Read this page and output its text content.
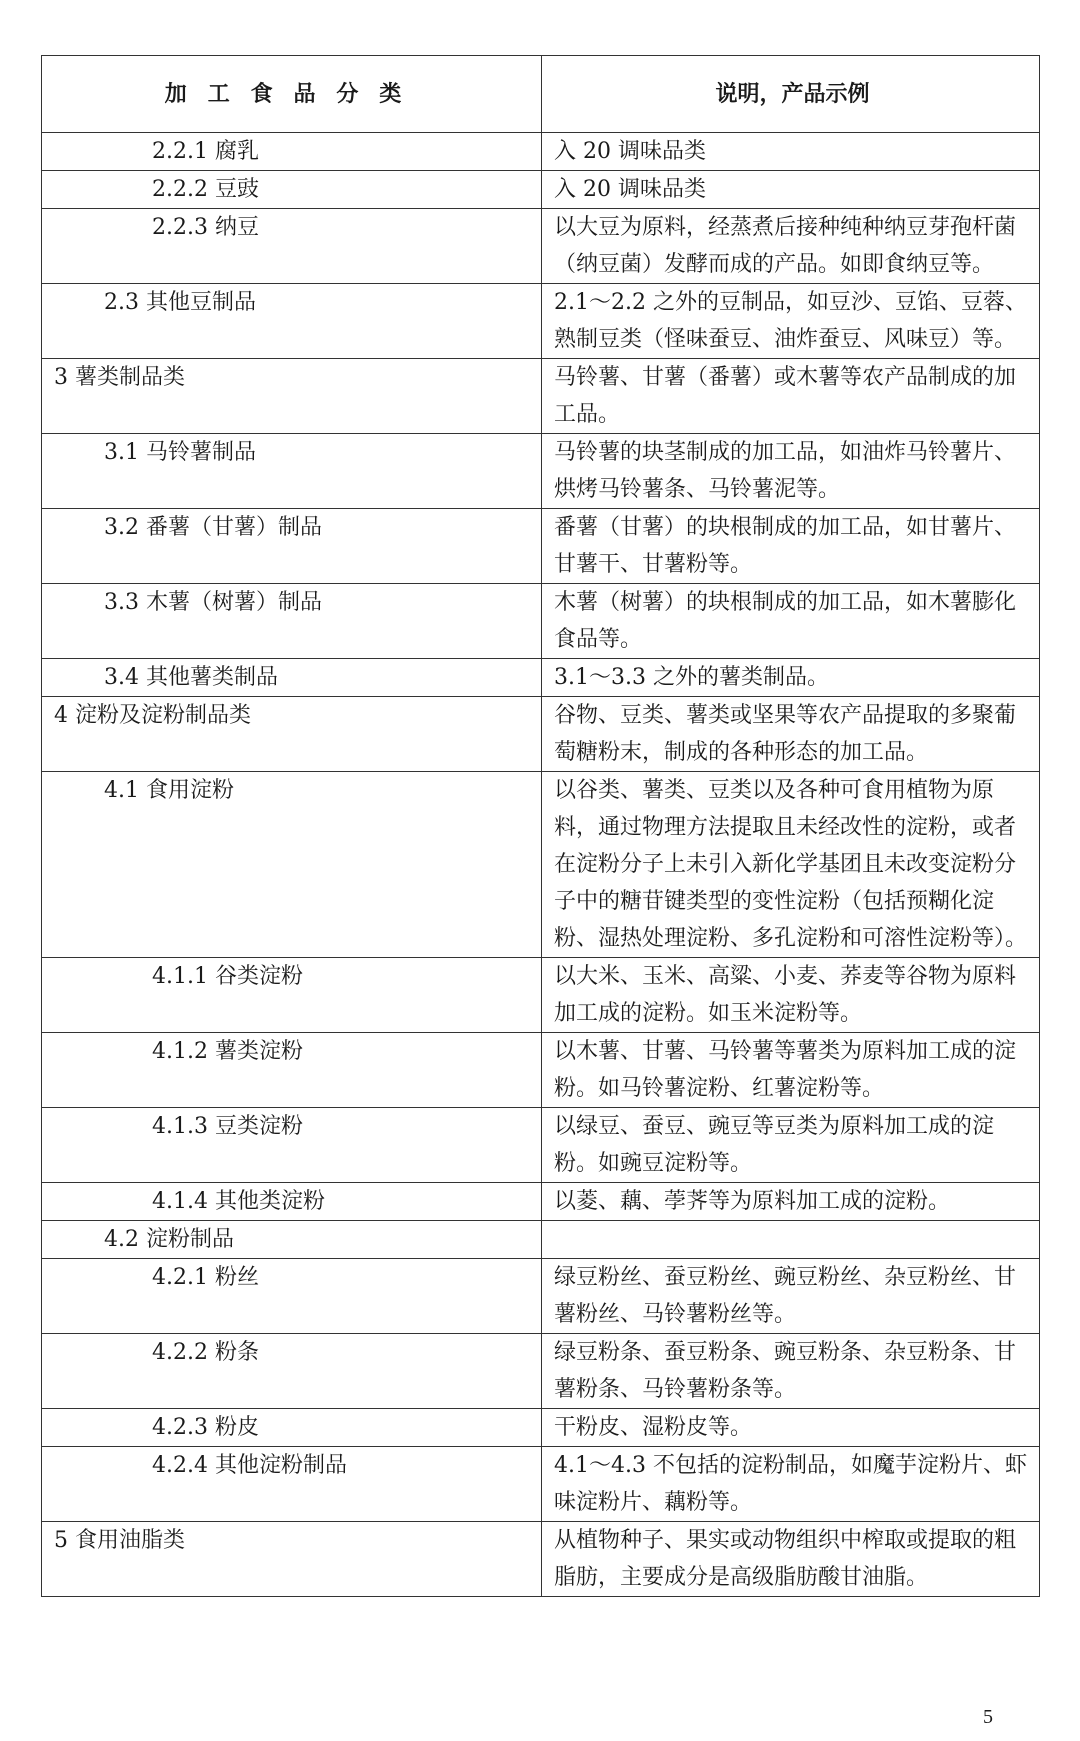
加工食品分类	说明，产品示例
2.2.1 腐乳	入 20 调味品类
2.2.2 豆豉	入 20 调味品类
2.2.3 纳豆	以大豆为原料，经蒸煮后接种纯种纳豆芽孢杆菌（纳豆菌）发酵而成的产品。如即食纳豆等。
2.3 其他豆制品	2.1～2.2 之外的豆制品，如豆沙、豆馅、豆蓉、熟制豆类（怪味蚕豆、油炸蚕豆、风味豆）等。
3 薯类制品类	马铃薯、甘薯（番薯）或木薯等农产品制成的加工品。
3.1 马铃薯制品	马铃薯的块茎制成的加工品，如油炸马铃薯片、烘烤马铃薯条、马铃薯泥等。
3.2 番薯（甘薯）制品	番薯（甘薯）的块根制成的加工品，如甘薯片、甘薯干、甘薯粉等。
3.3 木薯（树薯）制品	木薯（树薯）的块根制成的加工品，如木薯膨化食品等。
3.4 其他薯类制品	3.1～3.3 之外的薯类制品。
4 淀粉及淀粉制品类	谷物、豆类、薯类或坚果等农产品提取的多聚葡萄糖粉末，制成的各种形态的加工品。
4.1 食用淀粉	以谷类、薯类、豆类以及各种可食用植物为原料，通过物理方法提取且未经改性的淀粉，或者在淀粉分子上未引入新化学基团且未改变淀粉分子中的糖苷键类型的变性淀粉（包括预糊化淀粉、湿热处理淀粉、多孔淀粉和可溶性淀粉等）。
4.1.1 谷类淀粉	以大米、玉米、高粱、小麦、荞麦等谷物为原料加工成的淀粉。如玉米淀粉等。
4.1.2 薯类淀粉	以木薯、甘薯、马铃薯等薯类为原料加工成的淀粉。如马铃薯淀粉、红薯淀粉等。
4.1.3 豆类淀粉	以绿豆、蚕豆、豌豆等豆类为原料加工成的淀粉。如豌豆淀粉等。
4.1.4 其他类淀粉	以菱、藕、荸荠等为原料加工成的淀粉。
4.2 淀粉制品	
4.2.1 粉丝	绿豆粉丝、蚕豆粉丝、豌豆粉丝、杂豆粉丝、甘薯粉丝、马铃薯粉丝等。
4.2.2 粉条	绿豆粉条、蚕豆粉条、豌豆粉条、杂豆粉条、甘薯粉条、马铃薯粉条等。
4.2.3 粉皮	干粉皮、湿粉皮等。
4.2.4 其他淀粉制品	4.1～4.3 不包括的淀粉制品，如魔芋淀粉片、虾味淀粉片、藕粉等。
5 食用油脂类	从植物种子、果实或动物组织中榨取或提取的粗脂肪，主要成分是高级脂肪酸甘油脂。
5
